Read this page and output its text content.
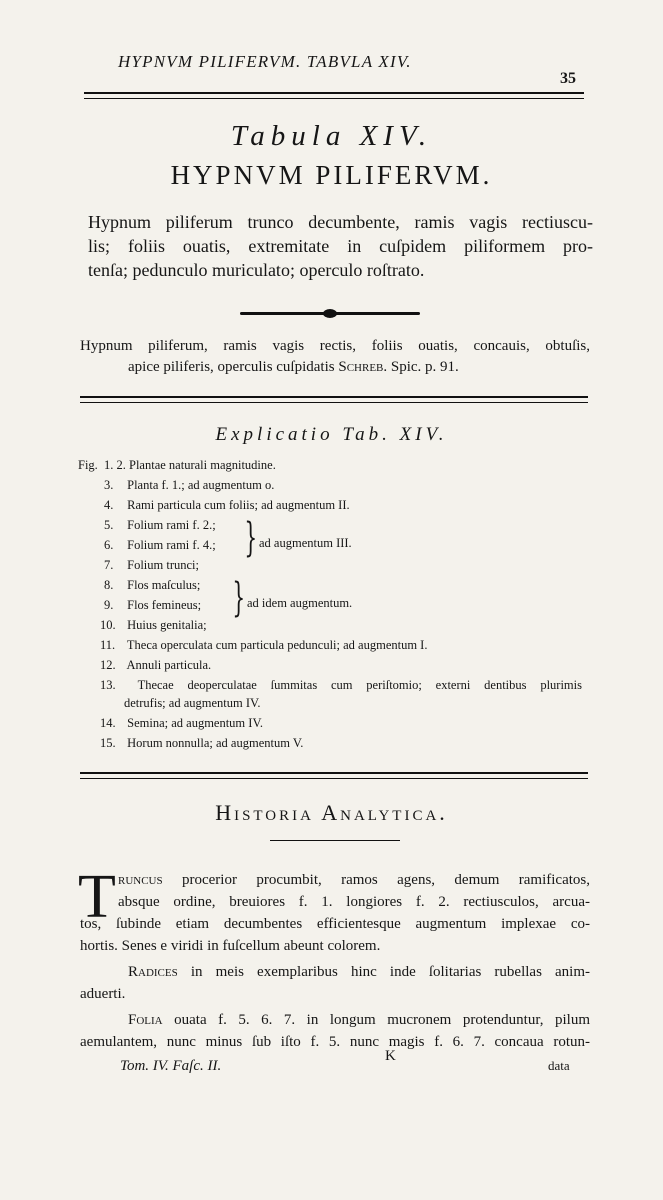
HYPNVM PILIFERVM. TABVLA XIV.
35
Tabula XIV.
HYPNVM PILIFERVM.
Hypnum piliferum trunco decumbente, ramis vagis rectiuscu-
lis; foliis ouatis, extremitate in cuſpidem piliformem pro-
tenſa; pedunculo muriculato; operculo roſtrato.
Hypnum piliferum, ramis vagis rectis, foliis ouatis, concauis, obtuſis,
apice piliferis, operculis cuſpidatis Schreb. Spic. p. 91.
Explicatio Tab. XIV.
Fig. 1. 2. Plantae naturali magnitudine.
3. Planta f. 1.; ad augmentum o.
4. Rami particula cum foliis; ad augmentum II.
5. Folium rami f. 2.;
6. Folium rami f. 4.;
7. Folium trunci;
8. Flos maſculus;
9. Flos femineus;
10. Huius genitalia;
11. Theca operculata cum particula pedunculi; ad augmentum I.
12. Annuli particula.
13. Thecae deoperculatae ſummitas cum periſtomio; externi dentibus plurimis
detrufis; ad augmentum IV.
14. Semina; ad augmentum IV.
15. Horum nonnulla; ad augmentum V.
} ad augmentum III.
} ad idem augmentum.
Historia Analytica.
T runcus procerior procumbit, ramos agens, demum ramificatos,
absque ordine, breuiores f. 1. longiores f. 2. rectiusculos, arcua-
tos, ſubinde etiam decumbentes efficientesque augmentum implexae co-
hortis. Senes e viridi in fuſcellum abeunt colorem.
Radices in meis exemplaribus hinc inde ſolitarias rubellas anim-
aduerti.
Folia ouata f. 5. 6. 7. in longum mucronem protenduntur, pilum
aemulantem, nunc minus ſub iſto f. 5. nunc magis f. 6. 7. concaua rotun-
Tom. IV. Faſc. II.
K
data
